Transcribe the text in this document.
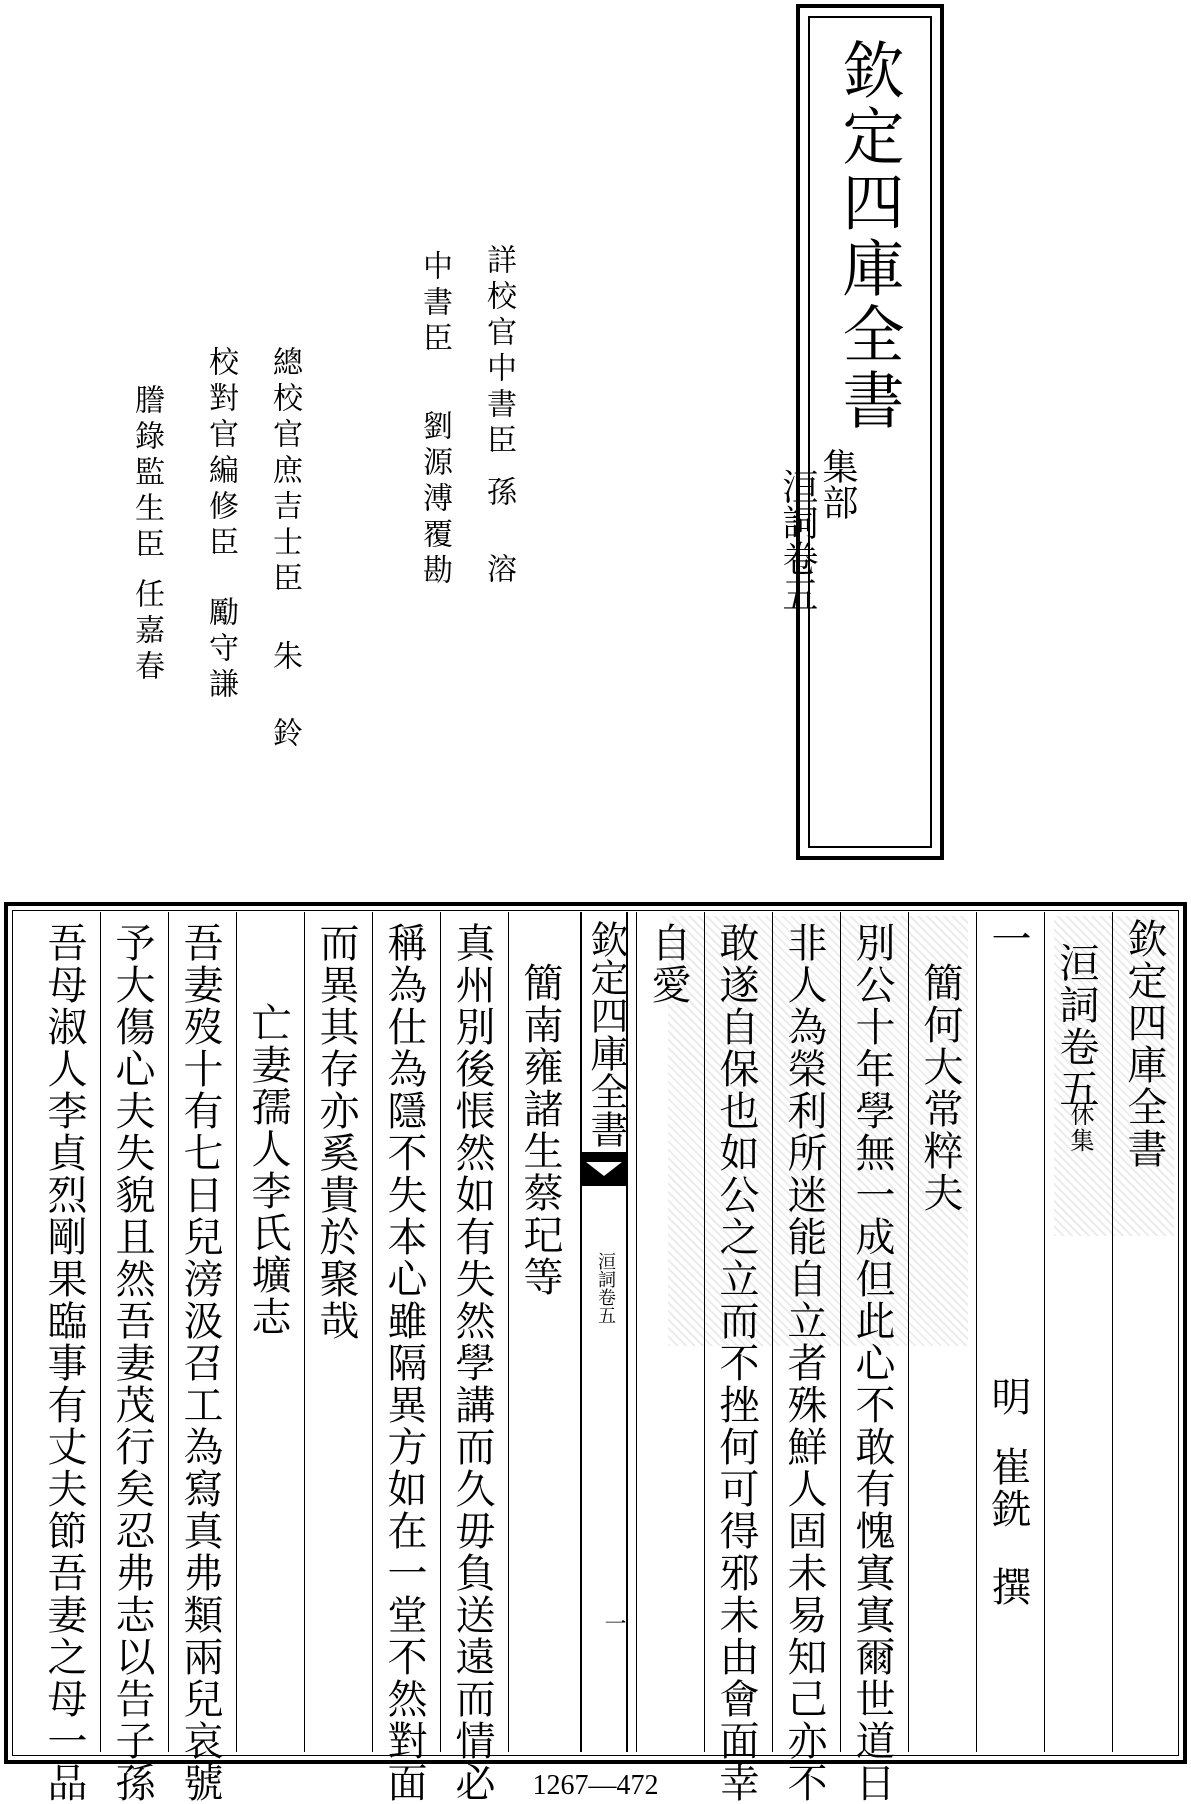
欽定四庫全書
集部
洹詞卷五
詳校官中書臣
孫 溶
中書臣
劉源溥覆勘
總校官庶吉士臣
朱 鈴
校對官編修臣
勵守謙
謄錄監生臣
任嘉春
欽定四庫全書
洹詞卷五
休集
一
明
崔銑
撰
簡何大常粹夫
別公十年學無一成但此心不敢有愧寘寘爾世道日
非人為榮利所迷能自立者殊鮮人固未易知己亦不
敢遂自保也如公之立而不挫何可得邪未由會面幸
自愛
欽定四庫全書
洹詞卷五
一
簡南雍諸生蔡玘等
真州別後悵然如有失然學講而久毋負送遠而情必
稱為仕為隱不失本心雖隔異方如在一堂不然對面
而異其存亦奚貴於聚哉
亡妻孺人李氏壙志
吾妻歿十有七日兒滂汲召工為寫真弗類兩兒哀號
予大傷心夫失貌且然吾妻茂行矣忍弗志以告子孫
吾母淑人李貞烈剛果臨事有丈夫節吾妻之母一品	1267—472
